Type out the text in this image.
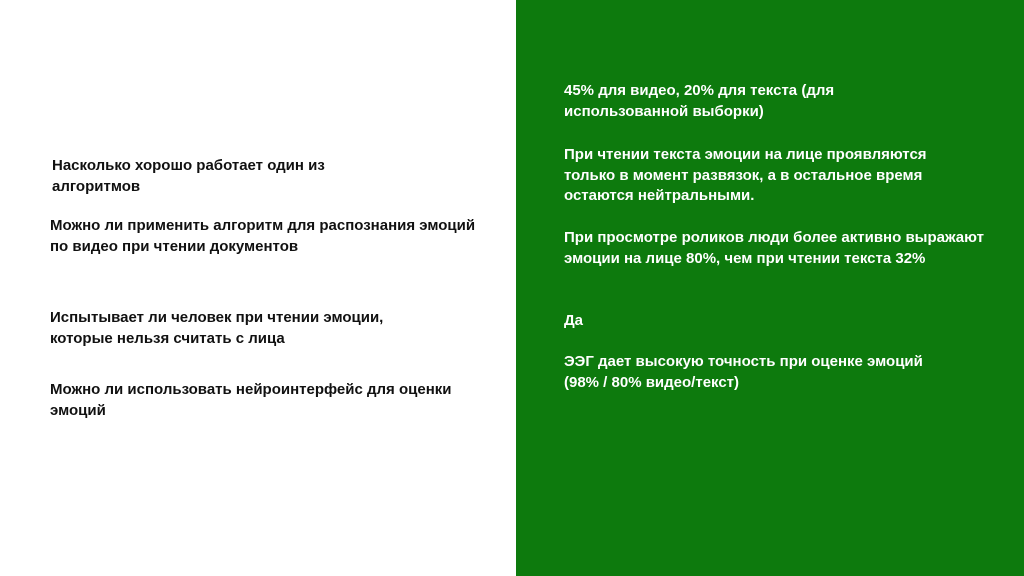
Насколько хорошо работает один из алгоритмов

Можно ли применить алгоритм для распознания эмоций по видео при чтении документов

Испытывает ли человек при чтении эмоции, которые нельзя считать с лица

Можно ли использовать нейроинтерфейс для оценки эмоций

45% для видео, 20% для текста (для использованной выборки)

При чтении текста эмоции на лице проявляются только в момент развязок, а в остальное время остаются нейтральными.

При просмотре роликов люди более активно выражают эмоции на лице 80%, чем при чтении текста 32%

Да

ЭЭГ дает высокую точность при оценке эмоций (98% / 80% видео/текст)
